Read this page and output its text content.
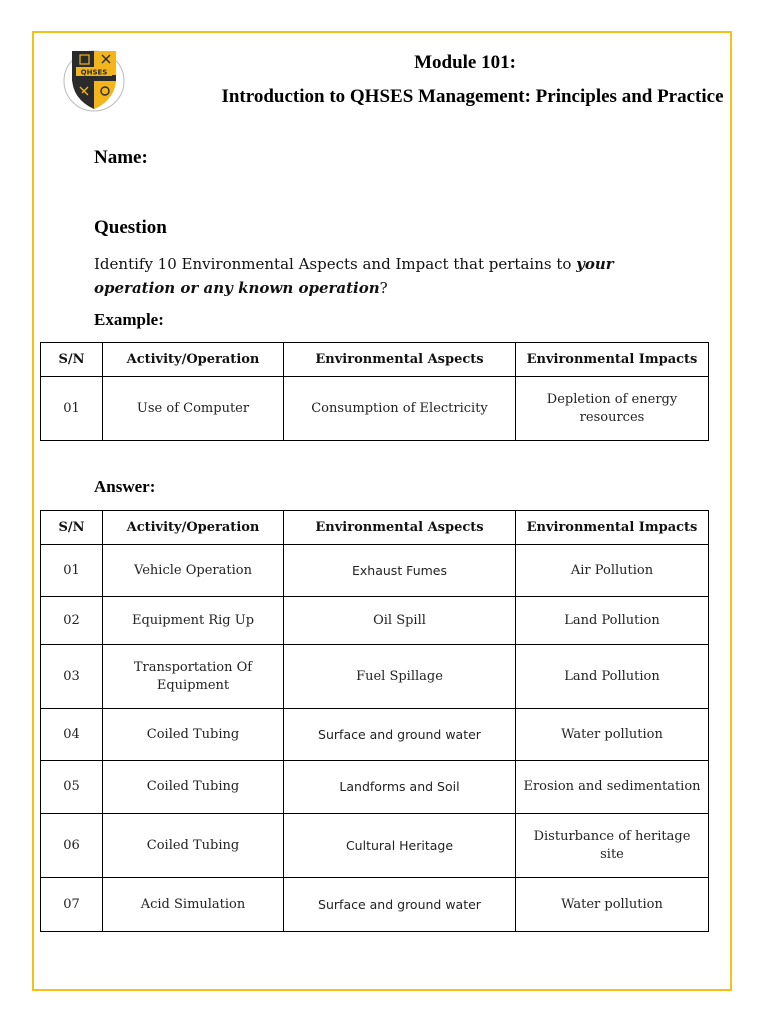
QHSES	Module 101:
Introduction to QHSES Management: Principles and Practice
Name:
Question
Identify 10 Environmental Aspects and Impact that pertains to your operation or any known operation?
Example:
S/N	Activity/Operation	Environmental Aspects	Environmental Impacts
01	Use of Computer	Consumption of Electricity	Depletion of energy resources
Answer:
S/N	Activity/Operation	Environmental Aspects	Environmental Impacts
01	Vehicle Operation	Exhaust Fumes	Air Pollution
02	Equipment Rig Up	Oil Spill	Land Pollution
03	Transportation Of Equipment	Fuel Spillage	Land Pollution
04	Coiled Tubing	Surface and ground water	Water pollution
05	Coiled Tubing	Landforms and Soil	Erosion and sedimentation
06	Coiled Tubing	Cultural Heritage	Disturbance of heritage site
07	Acid Simulation	Surface and ground water	Water pollution
